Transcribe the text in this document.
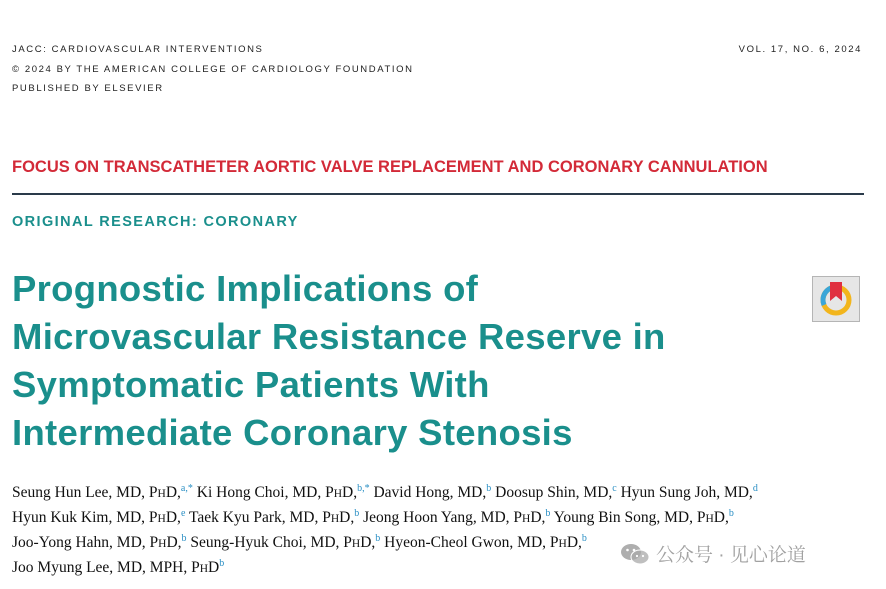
JACC: CARDIOVASCULAR INTERVENTIONS
© 2024 BY THE AMERICAN COLLEGE OF CARDIOLOGY FOUNDATION
PUBLISHED BY ELSEVIER
VOL. 17, NO. 6, 2024
FOCUS ON TRANSCATHETER AORTIC VALVE REPLACEMENT AND CORONARY CANNULATION
ORIGINAL RESEARCH: CORONARY
Prognostic Implications of
Microvascular Resistance Reserve in
Symptomatic Patients With
Intermediate Coronary Stenosis
Seung Hun Lee, MD, PHD,$^{a,*}$ Ki Hong Choi, MD, PHD,$^{b,*}$ David Hong, MD,$^b$ Doosup Shin, MD,$^c$ Hyun Sung Joh, MD,$^d$
Hyun Kuk Kim, MD, PHD,$^e$ Taek Kyu Park, MD, PHD,$^b$ Jeong Hoon Yang, MD, PHD,$^b$ Young Bin Song, MD, PHD,$^b$
Joo-Yong Hahn, MD, PHD,$^b$ Seung-Hyuk Choi, MD, PHD,$^b$ Hyeon-Cheol Gwon, MD, PHD,$^b$
Joo Myung Lee, MD, MPH, PHD$^b$	公众号 · 见心论道
